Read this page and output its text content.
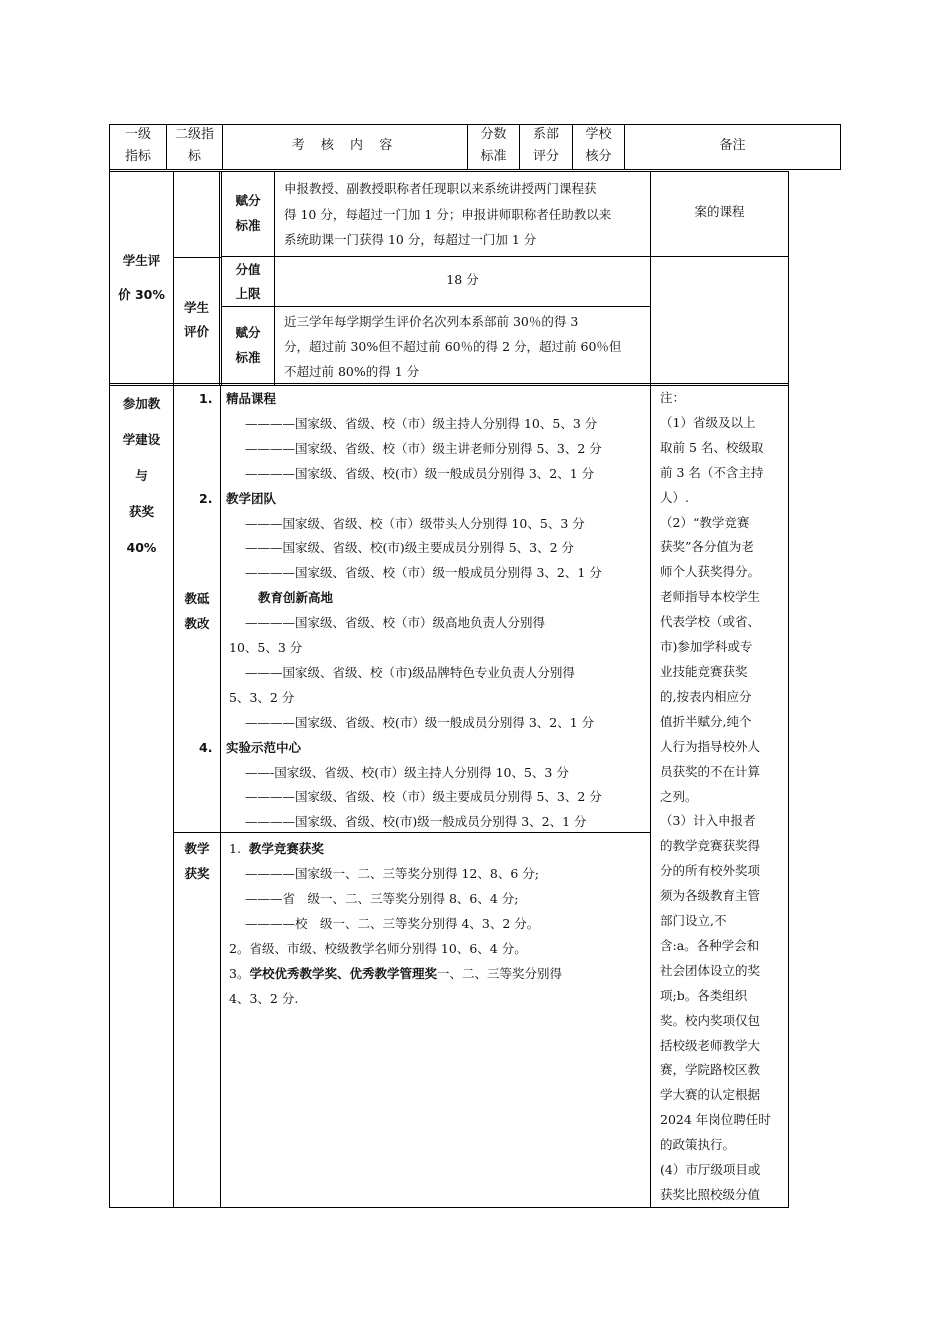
一级
指标
二级指
标
考 核 内 容
分数
标准
系部
评分
学校
核分
备注
学生评
价 30%
学生
评价
赋分
标准
申报教授、副教授职称者任现职以来系统讲授两门课程获
得 10 分，每超过一门加 1 分；申报讲师职称者任助教以来
系统助课一门获得 10 分，每超过一门加 1 分
案的课程
分值
上限
18 分
赋分
标准
近三学年每学期学生评价名次列本系部前 30％的得 3
分，超过前 30%但不超过前 60％的得 2 分，超过前 60％但
不超过前 80%的得 1 分
参加教
学建设
与
获奖
40%
1.
2.
4.
教砥
教改
精品课程
————国家级、省级、校（市）级主持人分别得 10、5、3 分
————国家级、省级、校（市）级主讲老师分别得 5、3、2 分
————国家级、省级、校(市）级一般成员分别得 3、2、1 分
教学团队
———国家级、省级、校（市）级带头人分别得 10、5、3 分
———国家级、省级、校(市)级主要成员分别得 5、3、2 分
————国家级、省级、校（市）级一般成员分别得 3、2、1 分
教育创新高地
————国家级、省级、校（市）级高地负责人分别得
10、5、3 分
———国家级、省级、校（市)级品牌特色专业负责人分别得
5、3、2 分
————国家级、省级、校(市）级一般成员分别得 3、2、1 分
实验示范中心
——-国家级、省级、校(市）级主持人分别得 10、5、3 分
————国家级、省级、校（市）级主要成员分别得 5、3、2 分
————国家级、省级、校(市)级一般成员分别得 3、2、1 分
教学
获奖
1. 教学竞赛获奖
————国家级一、二、三等奖分别得 12、8、6 分;
———省　级一、二、三等奖分别得 8、6、4 分;
————校　级一、二、三等奖分别得 4、3、2 分。
2。省级、市级、校级教学名师分别得 10、6、4 分。
3。学校优秀教学奖、优秀教学管理奖一、二、三等奖分别得
4、3、2 分.
注：
（1）省级及以上
取前 5 名、校级取
前 3 名（不含主持
人）.
（2）“教学竞赛
获奖”各分值为老
师个人获奖得分。
老师指导本校学生
代表学校（或省、
市)参加学科或专
业技能竞赛获奖
的,按表内相应分
值折半赋分,纯个
人行为指导校外人
员获奖的不在计算
之列。
（3）计入申报者
的教学竞赛获奖得
分的所有校外奖项
须为各级教育主管
部门设立,不
含:a。各种学会和
社会团体设立的奖
项;b。各类组织
奖。校内奖项仅包
括校级老师教学大
赛，学院路校区教
学大赛的认定根据
2024 年岗位聘任时
的政策执行。
(4）市厅级项目或
获奖比照校级分值
